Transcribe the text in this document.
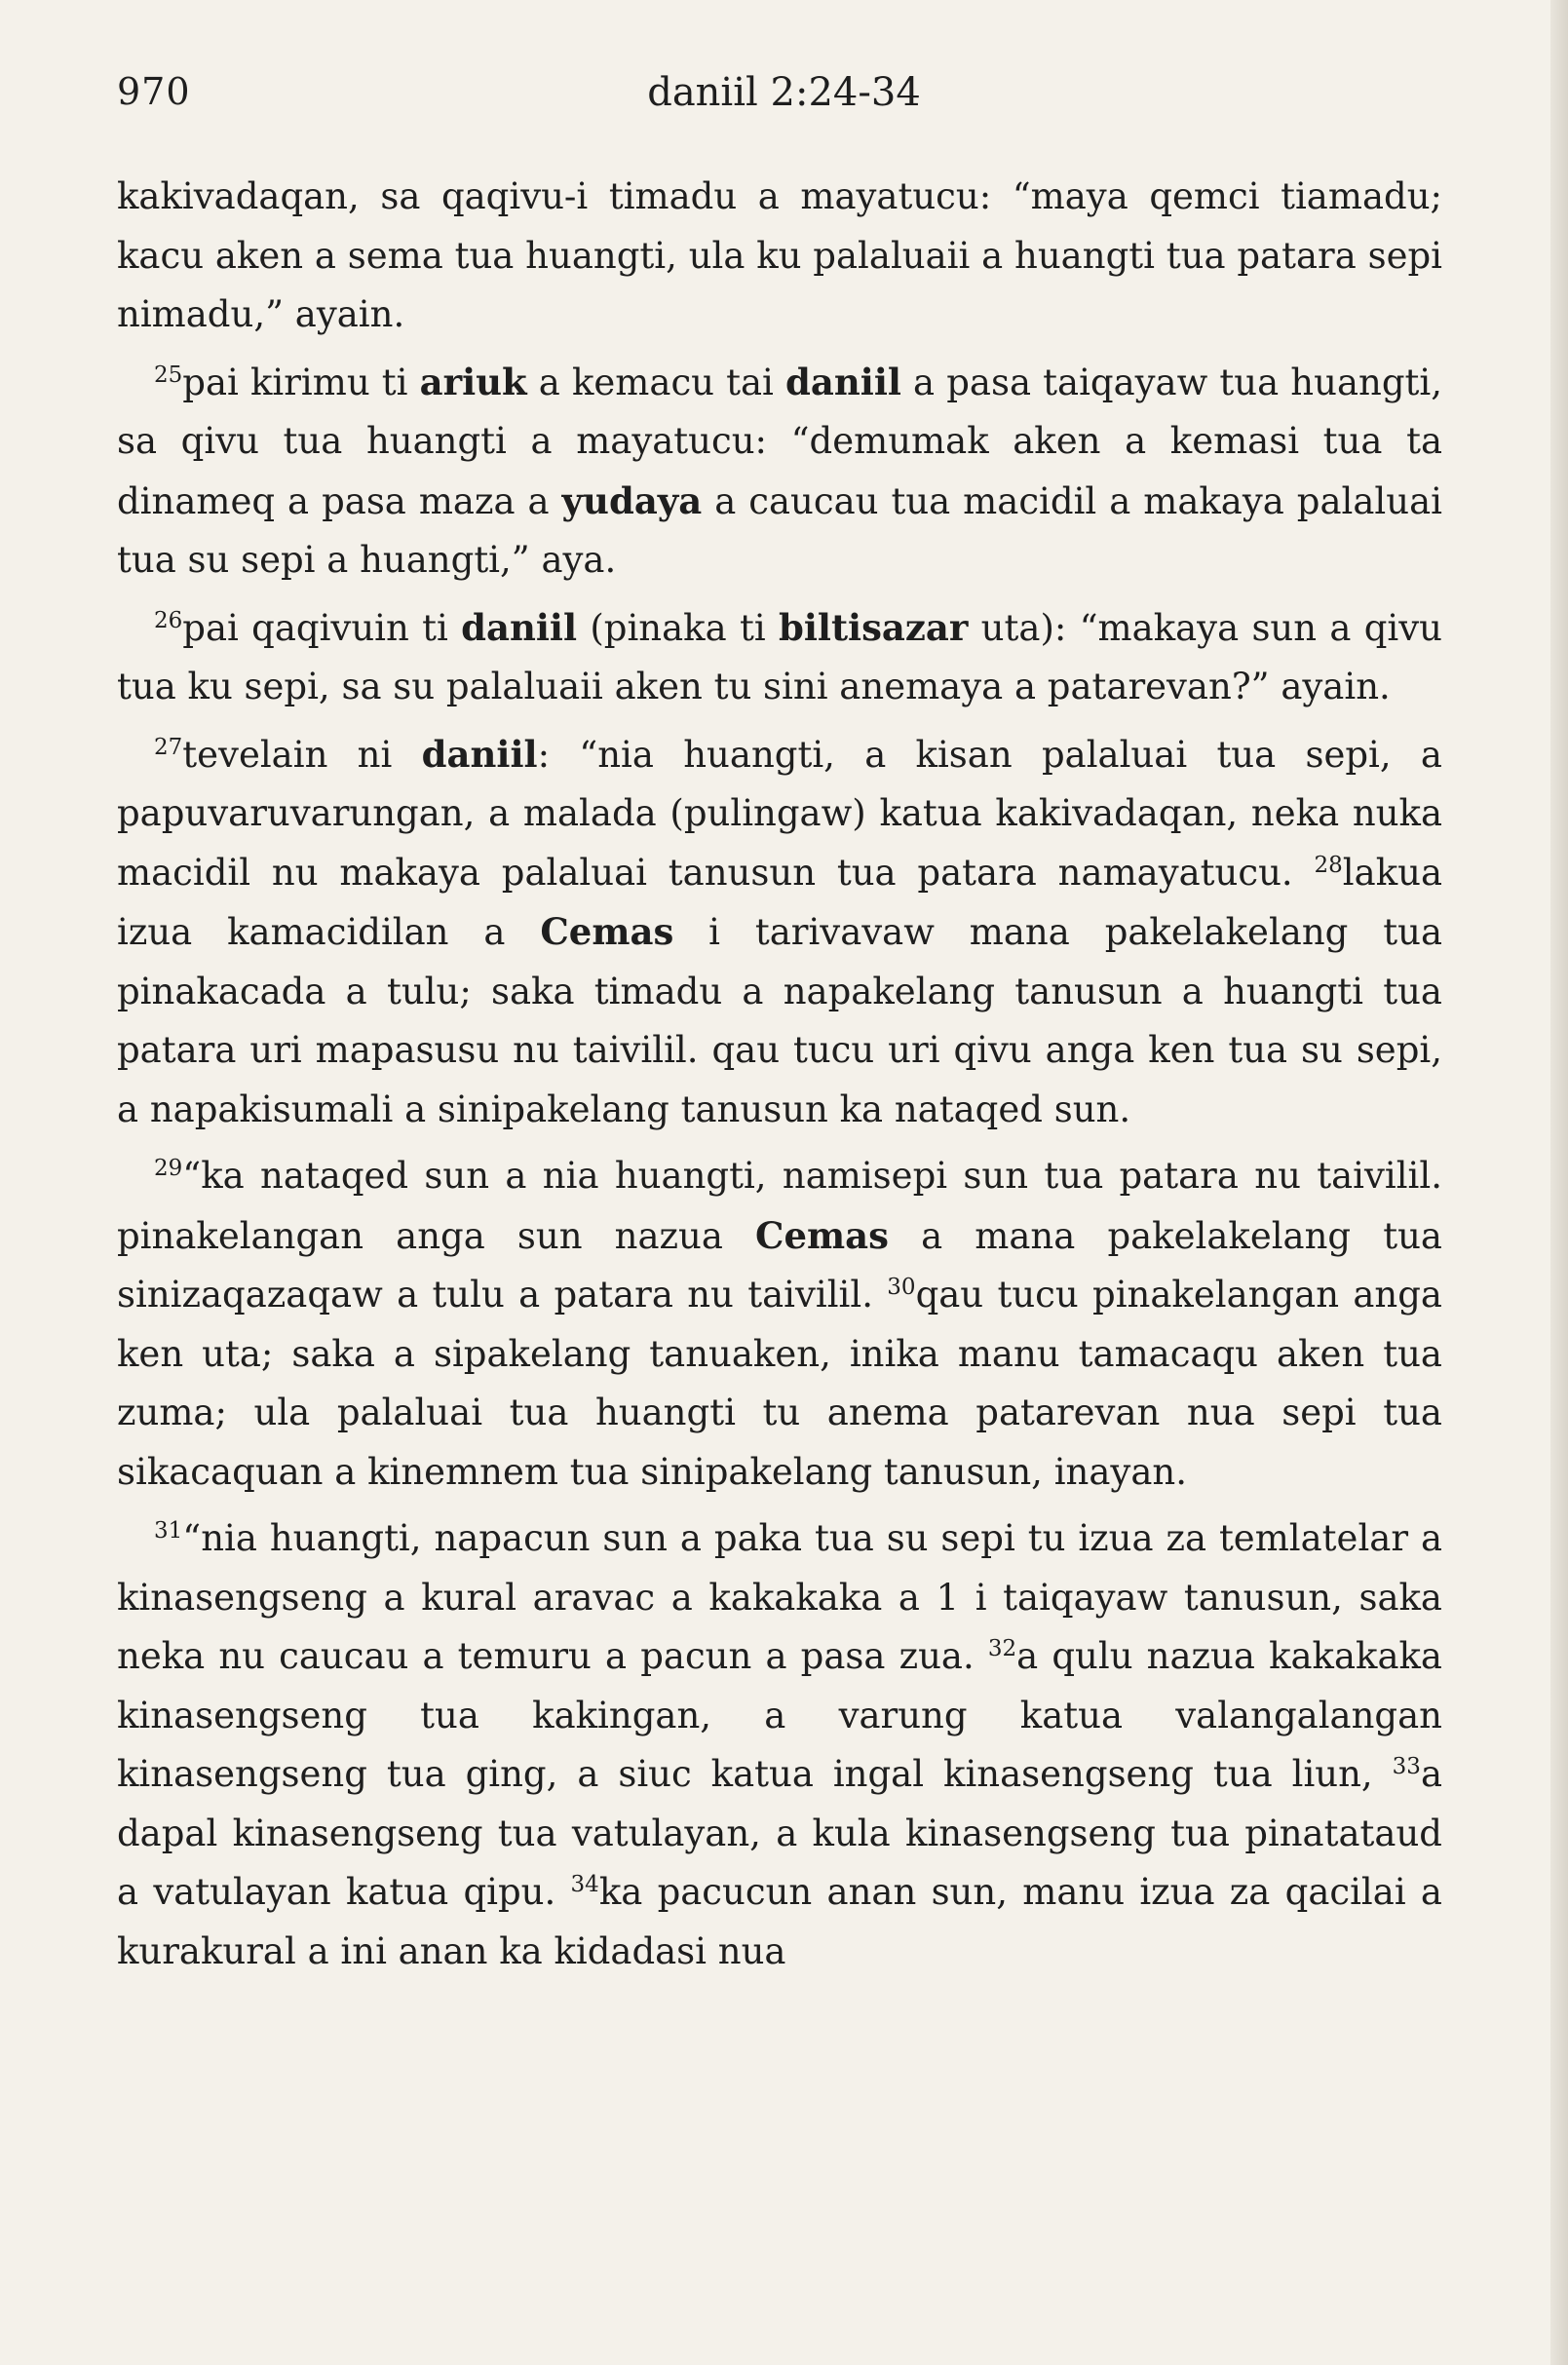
970	daniil 2:24-34

kakivadaqan, sa qaqivu-i timadu a mayatucu: “maya qemci tiamadu; kacu aken a sema tua huangti, ula ku palaluaii a huangti tua patara sepi nimadu,” ayain.

$^{25}$pai kirimu ti ariuk a kemacu tai daniil a pasa taiqayaw tua huangti, sa qivu tua huangti a mayatucu: “demumak aken a kemasi tua ta dinameq a pasa maza a yudaya a caucau tua macidil a makaya palaluai tua su sepi a huangti,” aya.

$^{26}$pai qaqivuin ti daniil (pinaka ti biltisazar uta): “makaya sun a qivu tua ku sepi, sa su palaluaii aken tu sini anemaya a patarevan?” ayain.

$^{27}$tevelain ni daniil: “nia huangti, a kisan palaluai tua sepi, a papuvaruvarungan, a malada (pulingaw) katua kakivadaqan, neka nuka macidil nu makaya palaluai tanusun tua patara namayatucu. $^{28}$lakua izua kamacidilan a Cemas i tarivavaw mana pakelakelang tua pinakacada a tulu; saka timadu a napakelang tanusun a huangti tua patara uri mapasusu nu taivilil. qau tucu uri qivu anga ken tua su sepi, a napakisumali a sinipakelang tanusun ka nataqed sun.

$^{29}$“ka nataqed sun a nia huangti, namisepi sun tua patara nu taivilil. pinakelangan anga sun nazua Cemas a mana pakelakelang tua sinizaqazaqaw a tulu a patara nu taivilil. $^{30}$qau tucu pinakelangan anga ken uta; saka a sipakelang tanuaken, inika manu tamacaqu aken tua zuma; ula palaluai tua huangti tu anema patarevan nua sepi tua sikacaquan a kinemnem tua sinipakelang tanusun, inayan.

$^{31}$“nia huangti, napacun sun a paka tua su sepi tu izua za temlatelar a kinasengseng a kural aravac a kakakaka a 1 i taiqayaw tanusun, saka neka nu caucau a temuru a pacun a pasa zua. $^{32}$a qulu nazua kakakaka kinasengseng tua kakingan, a varung katua valangalangan kinasengseng tua ging, a siuc katua ingal kinasengseng tua liun, $^{33}$a dapal kinasengseng tua vatulayan, a kula kinasengseng tua pinatataud a vatulayan katua qipu. $^{34}$ka pacucun anan sun, manu izua za qacilai a kurakural a ini anan ka kidadasi nua
